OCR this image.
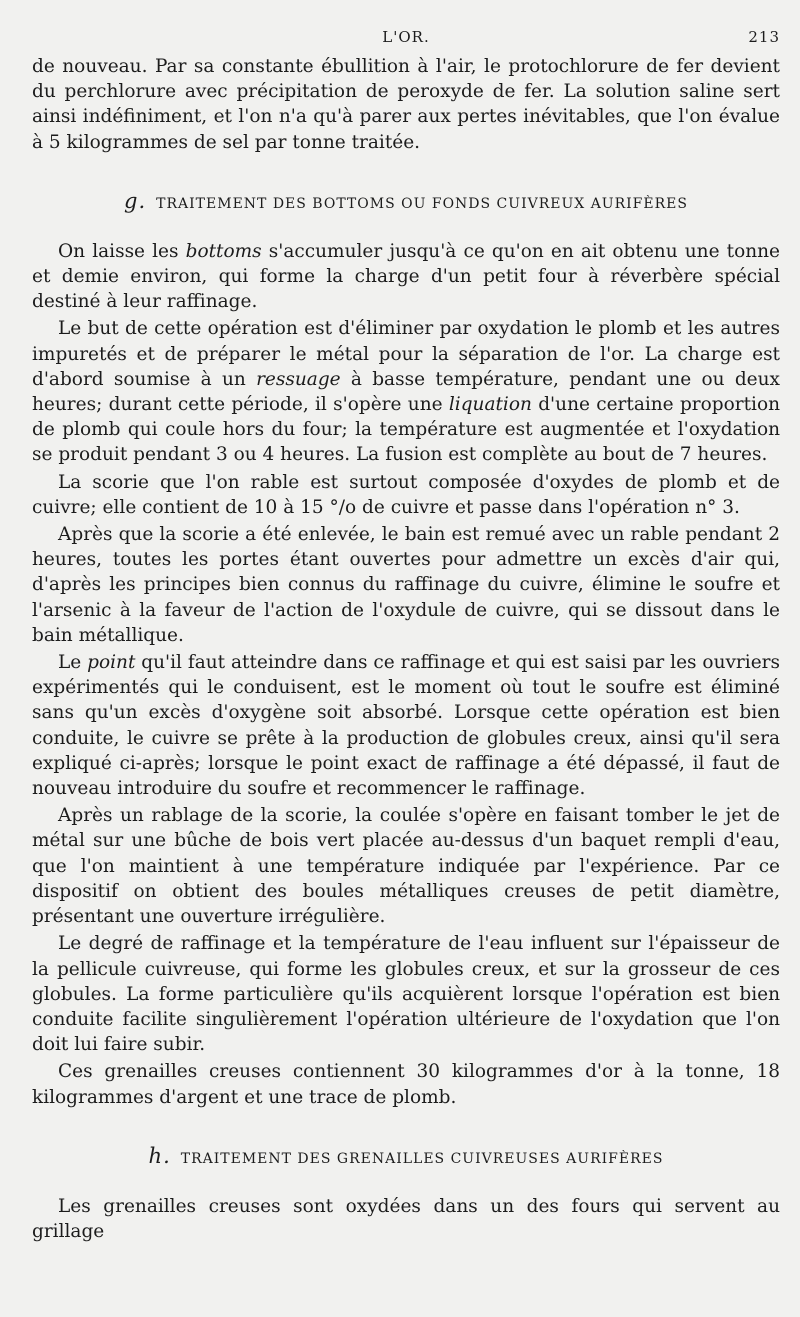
L'OR.	213

de nouveau. Par sa constante ébullition à l'air, le protochlorure de fer devient du perchlorure avec précipitation de peroxyde de fer. La solution saline sert ainsi indéfiniment, et l'on n'a qu'à parer aux pertes inévitables, que l'on évalue à 5 kilogrammes de sel par tonne traitée.

g. TRAITEMENT DES BOTTOMS OU FONDS CUIVREUX AURIFÈRES

On laisse les bottoms s'accumuler jusqu'à ce qu'on en ait obtenu une tonne et demie environ, qui forme la charge d'un petit four à réverbère spécial destiné à leur raffinage.

Le but de cette opération est d'éliminer par oxydation le plomb et les autres impuretés et de préparer le métal pour la séparation de l'or. La charge est d'abord soumise à un ressuage à basse température, pendant une ou deux heures; durant cette période, il s'opère une liquation d'une certaine proportion de plomb qui coule hors du four; la température est augmentée et l'oxydation se produit pendant 3 ou 4 heures. La fusion est complète au bout de 7 heures.

La scorie que l'on rable est surtout composée d'oxydes de plomb et de cuivre; elle contient de 10 à 15 °/o de cuivre et passe dans l'opération n° 3.

Après que la scorie a été enlevée, le bain est remué avec un rable pendant 2 heures, toutes les portes étant ouvertes pour admettre un excès d'air qui, d'après les principes bien connus du raffinage du cuivre, élimine le soufre et l'arsenic à la faveur de l'action de l'oxydule de cuivre, qui se dissout dans le bain métallique.

Le point qu'il faut atteindre dans ce raffinage et qui est saisi par les ouvriers expérimentés qui le conduisent, est le moment où tout le soufre est éliminé sans qu'un excès d'oxygène soit absorbé. Lorsque cette opération est bien conduite, le cuivre se prête à la production de globules creux, ainsi qu'il sera expliqué ci-après; lorsque le point exact de raffinage a été dépassé, il faut de nouveau introduire du soufre et recommencer le raffinage.

Après un rablage de la scorie, la coulée s'opère en faisant tomber le jet de métal sur une bûche de bois vert placée au-dessus d'un baquet rempli d'eau, que l'on maintient à une température indiquée par l'expérience. Par ce dispositif on obtient des boules métalliques creuses de petit diamètre, présentant une ouverture irrégulière.

Le degré de raffinage et la température de l'eau influent sur l'épaisseur de la pellicule cuivreuse, qui forme les globules creux, et sur la grosseur de ces globules. La forme particulière qu'ils acquièrent lorsque l'opération est bien conduite facilite singulièrement l'opération ultérieure de l'oxydation que l'on doit lui faire subir.

Ces grenailles creuses contiennent 30 kilogrammes d'or à la tonne, 18 kilogrammes d'argent et une trace de plomb.

h. TRAITEMENT DES GRENAILLES CUIVREUSES AURIFÈRES

Les grenailles creuses sont oxydées dans un des fours qui servent au grillage
